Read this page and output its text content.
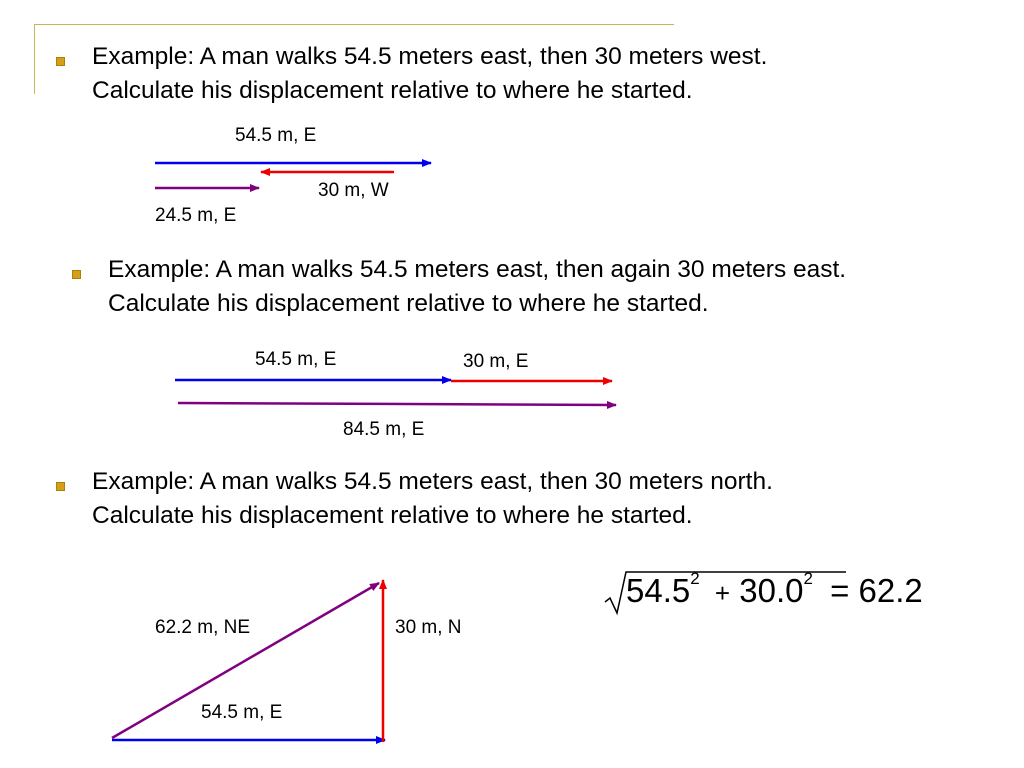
Example: A man walks 54.5 meters east, then 30 meters west.
Calculate his displacement relative to where he started.
Example: A man walks 54.5 meters east, then again 30 meters east.
Calculate his displacement relative to where he started.
Example: A man walks 54.5 meters east, then 30 meters north.
Calculate his displacement relative to where he started.
54.5 m, E
30 m, W
24.5 m, E
54.5 m, E	30 m, E
84.5 m, E
62.2 m, NE	30 m, N
54.5 m, E
$54.5^2 + 30.0^2 = 62.2$
